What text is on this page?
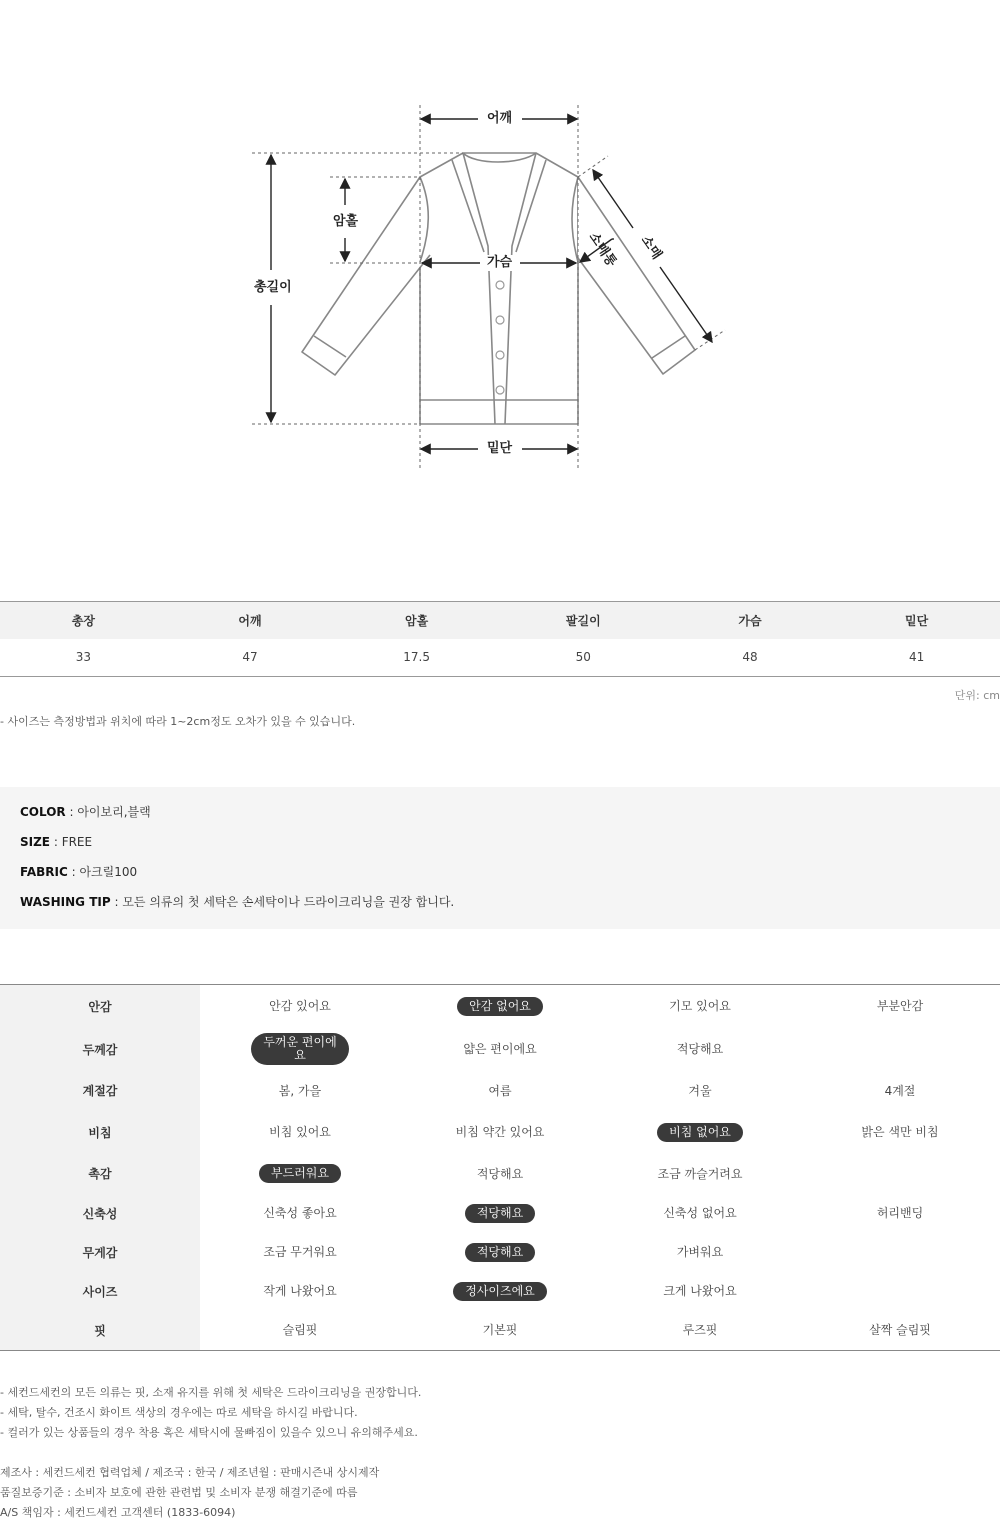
어깨
암홀
총길이
가슴
밑단
소매통 소매
총장	어깨	암홀	팔길이	가슴	밑단
33	47	17.5	50	48	41
단위: cm
- 사이즈는 측정방법과 위치에 따라 1~2cm정도 오차가 있을 수 있습니다.
COLOR : 아이보리,블랙
SIZE : FREE
FABRIC : 아크릴100
WASHING TIP : 모든 의류의 첫 세탁은 손세탁이나 드라이크리닝을 권장 합니다.
안감	안감 있어요	안감 없어요	기모 있어요	부분안감
두께감	두꺼운 편이에요	얇은 편이에요	적당해요	
계절감	봄, 가을	여름	겨울	4계절
비침	비침 있어요	비침 약간 있어요	비침 없어요	밝은 색만 비침
촉감	부드러워요	적당해요	조금 까슬거려요	
신축성	신축성 좋아요	적당해요	신축성 없어요	허리밴딩
무게감	조금 무거워요	적당해요	가벼워요	
사이즈	작게 나왔어요	정사이즈에요	크게 나왔어요	
핏	슬림핏	기본핏	루즈핏	살짝 슬림핏
- 세컨드세컨의 모든 의류는 핏, 소재 유지를 위해 첫 세탁은 드라이크리닝을 권장합니다.
- 세탁, 탈수, 건조시 화이트 색상의 경우에는 따로 세탁을 하시길 바랍니다.
- 컬러가 있는 상품들의 경우 착용 혹은 세탁시에 물빠짐이 있을수 있으니 유의해주세요.
제조사 : 세컨드세컨 협력업체 / 제조국 : 한국 / 제조년월 : 판매시즌내 상시제작
품질보증기준 : 소비자 보호에 관한 관련법 및 소비자 분쟁 해결기준에 따름
A/S 책임자 : 세컨드세컨 고객센터 (1833-6094)
